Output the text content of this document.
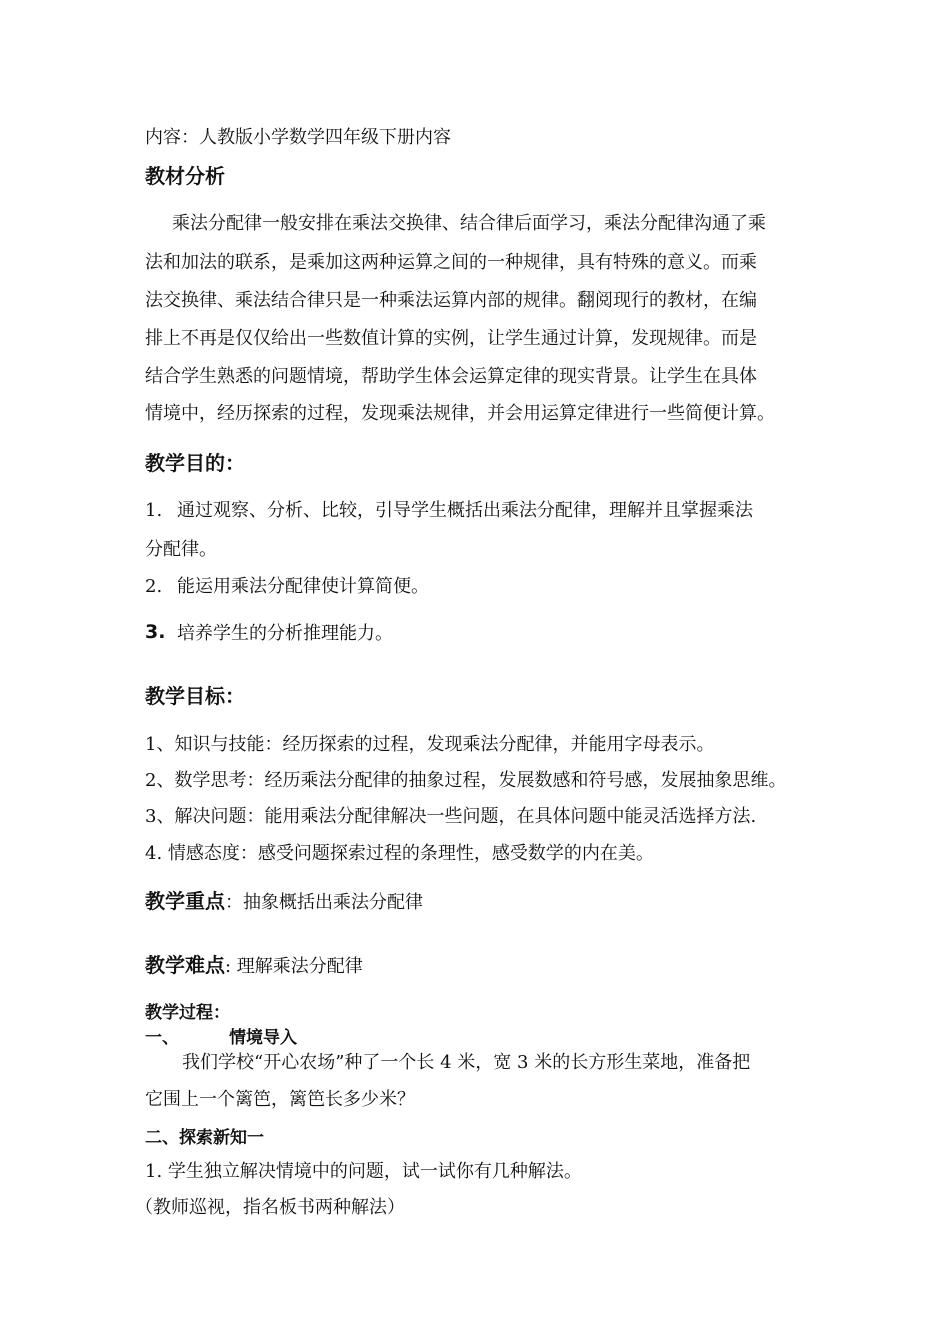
内容：人教版小学数学四年级下册内容
教材分析
乘法分配律一般安排在乘法交换律、结合律后面学习，乘法分配律沟通了乘
法和加法的联系，是乘加这两种运算之间的一种规律，具有特殊的意义。而乘
法交换律、乘法结合律只是一种乘法运算内部的规律。翻阅现行的教材，在编
排上不再是仅仅给出一些数值计算的实例，让学生通过计算，发现规律。而是
结合学生熟悉的问题情境，帮助学生体会运算定律的现实背景。让学生在具体
情境中，经历探索的过程，发现乘法规律，并会用运算定律进行一些简便计算。
教学目的：
1. 通过观察、分析、比较，引导学生概括出乘法分配律，理解并且掌握乘法
分配律。
2. 能运用乘法分配律使计算简便。
3. 培养学生的分析推理能力。
教学目标：
1、知识与技能：经历探索的过程，发现乘法分配律，并能用字母表示。
2、数学思考：经历乘法分配律的抽象过程，发展数感和符号感，发展抽象思维。
3、解决问题：能用乘法分配律解决一些问题，在具体问题中能灵活选择方法.
4. 情感态度：感受问题探索过程的条理性，感受数学的内在美。
教学重点：抽象概括出乘法分配律
教学难点: 理解乘法分配律
教学过程：
一、	情境导入
我们学校“开心农场”种了一个长 4 米，宽 3 米的长方形生菜地，准备把
它围上一个篱笆，篱笆长多少米？
二、探索新知一
1. 学生独立解决情境中的问题，试一试你有几种解法。
（教师巡视，指名板书两种解法）
